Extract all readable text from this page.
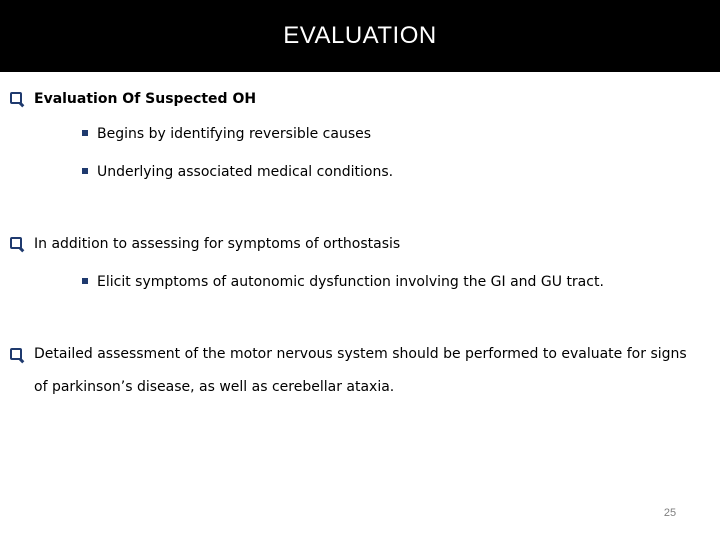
EVALUATION
Evaluation Of Suspected OH
Begins by identifying reversible causes
Underlying associated medical conditions.
In addition to assessing for symptoms of orthostasis
Elicit symptoms of autonomic dysfunction involving the GI and GU tract.
Detailed assessment of the motor nervous system should be performed to evaluate for signs of parkinson’s disease, as well as cerebellar ataxia.
25
